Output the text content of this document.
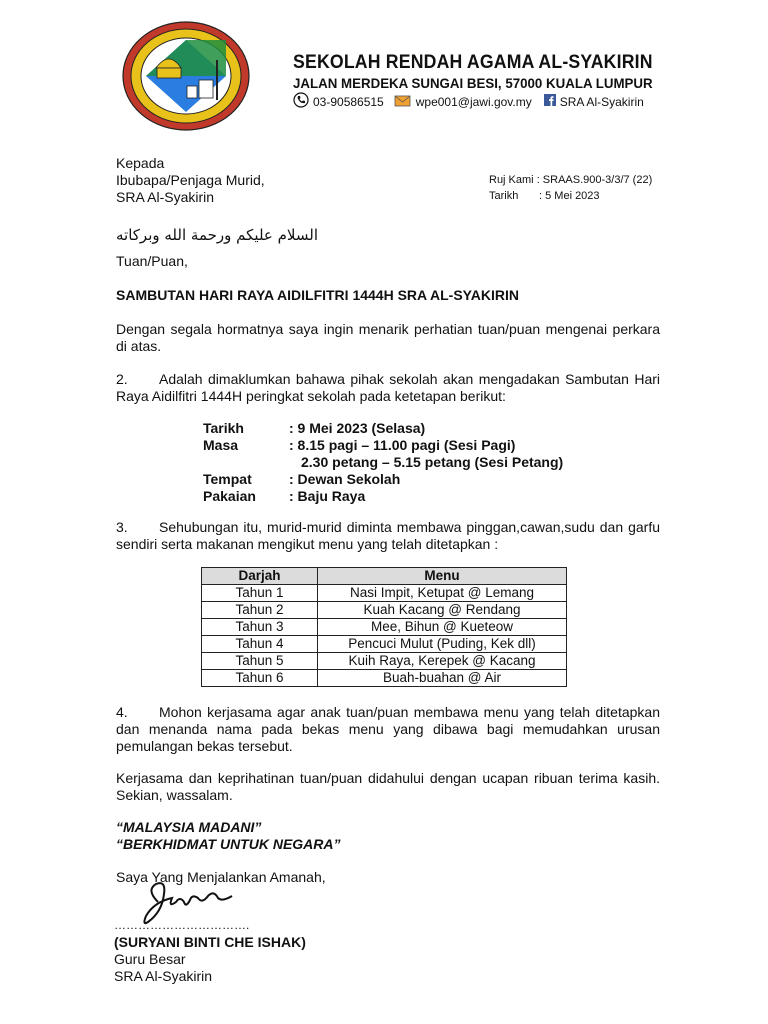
SEKOLAH RENDAH AGAMA AL-SYAKIRIN
JALAN MERDEKA SUNGAI BESI, 57000 KUALA LUMPUR
03-90586515	wpe001@jawi.gov.my SRA Al-Syakirin
Kepada
Ibubapa/Penjaga Murid,
SRA Al-Syakirin
Ruj Kami : SRAAS.900-3/3/7 (22)
Tarikh : 5 Mei 2023
السلام عليكم ورحمة الله وبركاته
Tuan/Puan,
SAMBUTAN HARI RAYA AIDILFITRI 1444H SRA AL-SYAKIRIN
Dengan segala hormatnya saya ingin menarik perhatian tuan/puan mengenai perkara di atas.
2. Adalah dimaklumkan bahawa pihak sekolah akan mengadakan Sambutan Hari Raya Aidilfitri 1444H peringkat sekolah pada ketetapan berikut:
Tarikh	: 9 Mei 2023 (Selasa)
Masa	: 8.15 pagi – 11.00 pagi (Sesi Pagi)
2.30 petang – 5.15 petang (Sesi Petang)
Tempat	: Dewan Sekolah
Pakaian	: Baju Raya
3. Sehubungan itu, murid-murid diminta membawa pinggan,cawan,sudu dan garfu sendiri serta makanan mengikut menu yang telah ditetapkan :
Darjah	Menu
Tahun 1	Nasi Impit, Ketupat @ Lemang
Tahun 2	Kuah Kacang @ Rendang
Tahun 3	Mee, Bihun @ Kueteow
Tahun 4	Pencuci Mulut (Puding, Kek dll)
Tahun 5	Kuih Raya, Kerepek @ Kacang
Tahun 6	Buah-buahan @ Air
4. Mohon kerjasama agar anak tuan/puan membawa menu yang telah ditetapkan dan menanda nama pada bekas menu yang dibawa bagi memudahkan urusan pemulangan bekas tersebut.
Kerjasama dan keprihatinan tuan/puan didahului dengan ucapan ribuan terima kasih. Sekian, wassalam.
“MALAYSIA MADANI”
“BERKHIDMAT UNTUK NEGARA”
Saya Yang Menjalankan Amanah,
…………………………….
(SURYANI BINTI CHE ISHAK)
Guru Besar
SRA Al-Syakirin
